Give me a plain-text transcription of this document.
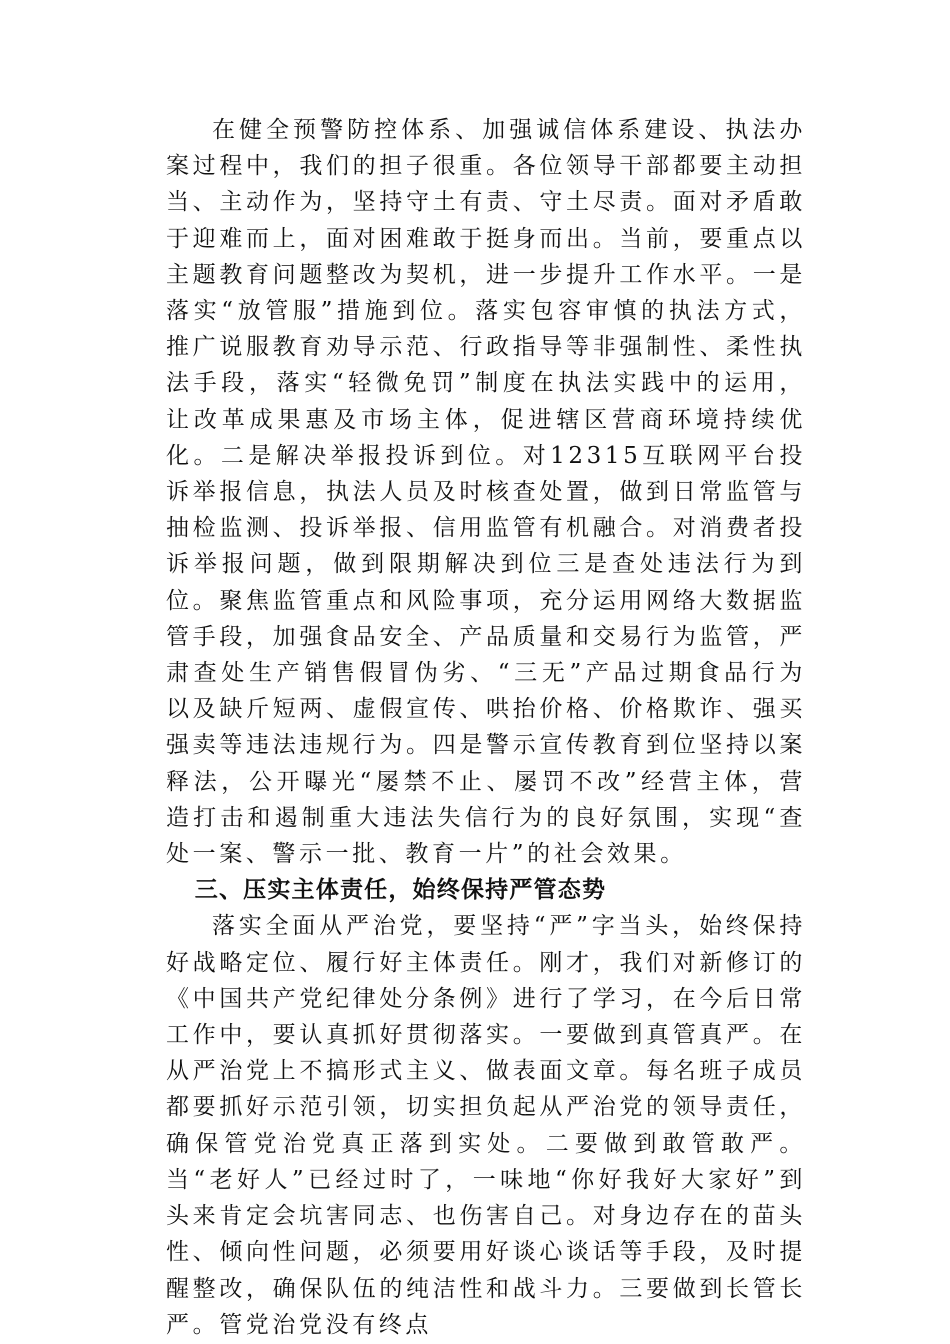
在健全预警防控体系、加强诚信体系建设、执法办案过程中，我们的担子很重。各位领导干部都要主动担当、主动作为，坚持守土有责、守土尽责。面对矛盾敢于迎难而上，面对困难敢于挺身而出。当前，要重点以主题教育问题整改为契机，进一步提升工作水平。一是落实“放管服”措施到位。落实包容审慎的执法方式，推广说服教育劝导示范、行政指导等非强制性、柔性执法手段，落实“轻微免罚”制度在执法实践中的运用，让改革成果惠及市场主体，促进辖区营商环境持续优化。二是解决举报投诉到位。对12315互联网平台投诉举报信息，执法人员及时核查处置，做到日常监管与抽检监测、投诉举报、信用监管有机融合。对消费者投诉举报问题，做到限期解决到位三是查处违法行为到位。聚焦监管重点和风险事项，充分运用网络大数据监管手段，加强食品安全、产品质量和交易行为监管，严肃查处生产销售假冒伪劣、“三无”产品过期食品行为以及缺斤短两、虚假宣传、哄抬价格、价格欺诈、强买强卖等违法违规行为。四是警示宣传教育到位坚持以案释法，公开曝光“屡禁不止、屡罚不改”经营主体，营造打击和遏制重大违法失信行为的良好氛围，实现“查处一案、警示一批、教育一片”的社会效果。

三、压实主体责任，始终保持严管态势

落实全面从严治党，要坚持“严”字当头，始终保持好战略定位、履行好主体责任。刚才，我们对新修订的《中国共产党纪律处分条例》进行了学习，在今后日常工作中，要认真抓好贯彻落实。一要做到真管真严。在从严治党上不搞形式主义、做表面文章。每名班子成员都要抓好示范引领，切实担负起从严治党的领导责任，确保管党治党真正落到实处。二要做到敢管敢严。当“老好人”已经过时了，一味地“你好我好大家好”到头来肯定会坑害同志、也伤害自己。对身边存在的苗头性、倾向性问题，必须要用好谈心谈话等手段，及时提醒整改，确保队伍的纯洁性和战斗力。三要做到长管长严。管党治党没有终点
